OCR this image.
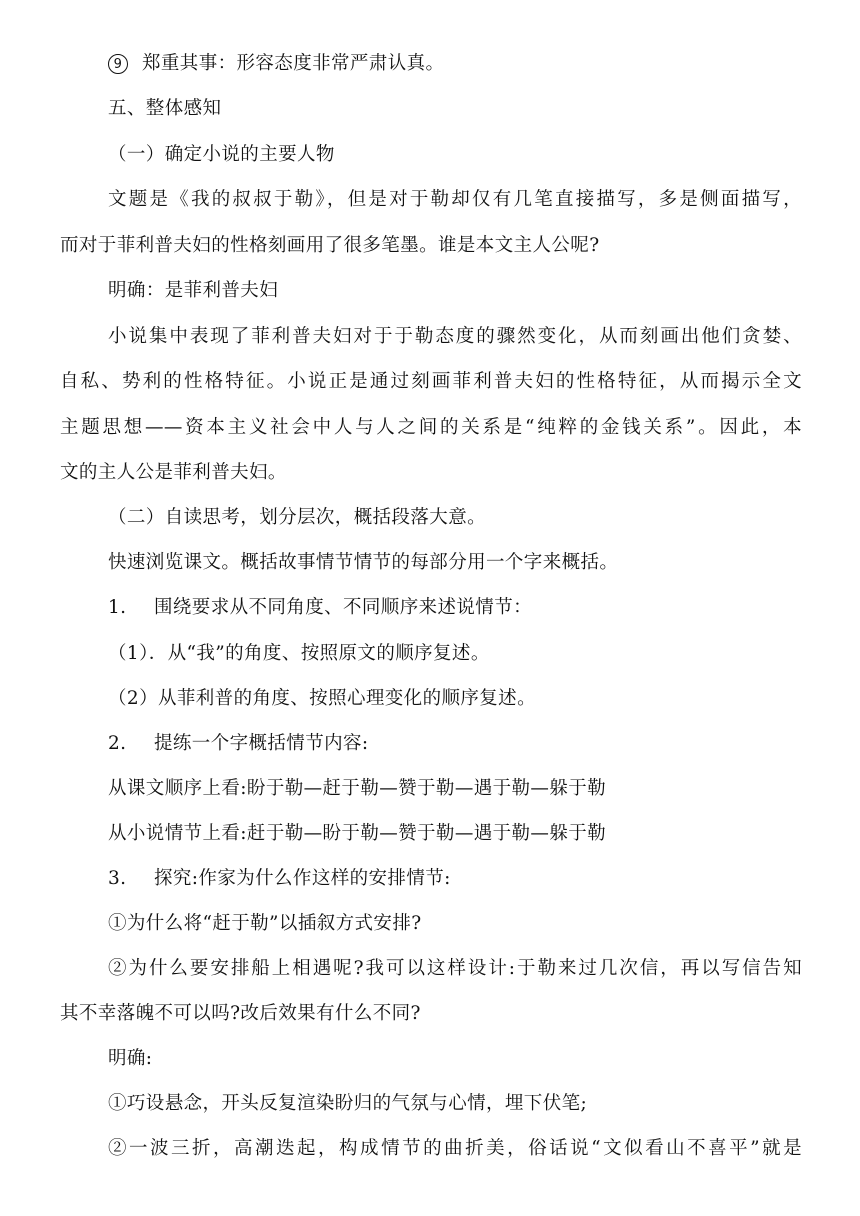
9 郑重其事：形容态度非常严肃认真。
五、整体感知
（一）确定小说的主要人物
文题是《我的叔叔于勒》，但是对于勒却仅有几笔直接描写，多是侧面描写，
而对于菲利普夫妇的性格刻画用了很多笔墨。谁是本文主人公呢?
明确：是菲利普夫妇
小说集中表现了菲利普夫妇对于于勒态度的骤然变化，从而刻画出他们贪婪、
自私、势利的性格特征。小说正是通过刻画菲利普夫妇的性格特征，从而揭示全文
主题思想——资本主义社会中人与人之间的关系是“纯粹的金钱关系”。因此，本
文的主人公是菲利普夫妇。
（二）自读思考，划分层次，概括段落大意。
快速浏览课文。概括故事情节情节的每部分用一个字来概括。
1. 围绕要求从不同角度、不同顺序来述说情节：
（1）．从“我”的角度、按照原文的顺序复述。
（2）从菲利普的角度、按照心理变化的顺序复述。
2. 提练一个字概括情节内容:
从课文顺序上看:盼于勒—赶于勒—赞于勒—遇于勒—躲于勒
从小说情节上看:赶于勒—盼于勒—赞于勒—遇于勒—躲于勒
3. 探究:作家为什么作这样的安排情节:
①为什么将“赶于勒”以插叙方式安排?
②为什么要安排船上相遇呢?我可以这样设计:于勒来过几次信，再以写信告知
其不幸落魄不可以吗?改后效果有什么不同?
明确:
①巧设悬念，开头反复渲染盼归的气氛与心情，埋下伏笔;
②一波三折，高潮迭起，构成情节的曲折美，俗话说“文似看山不喜平”就是
